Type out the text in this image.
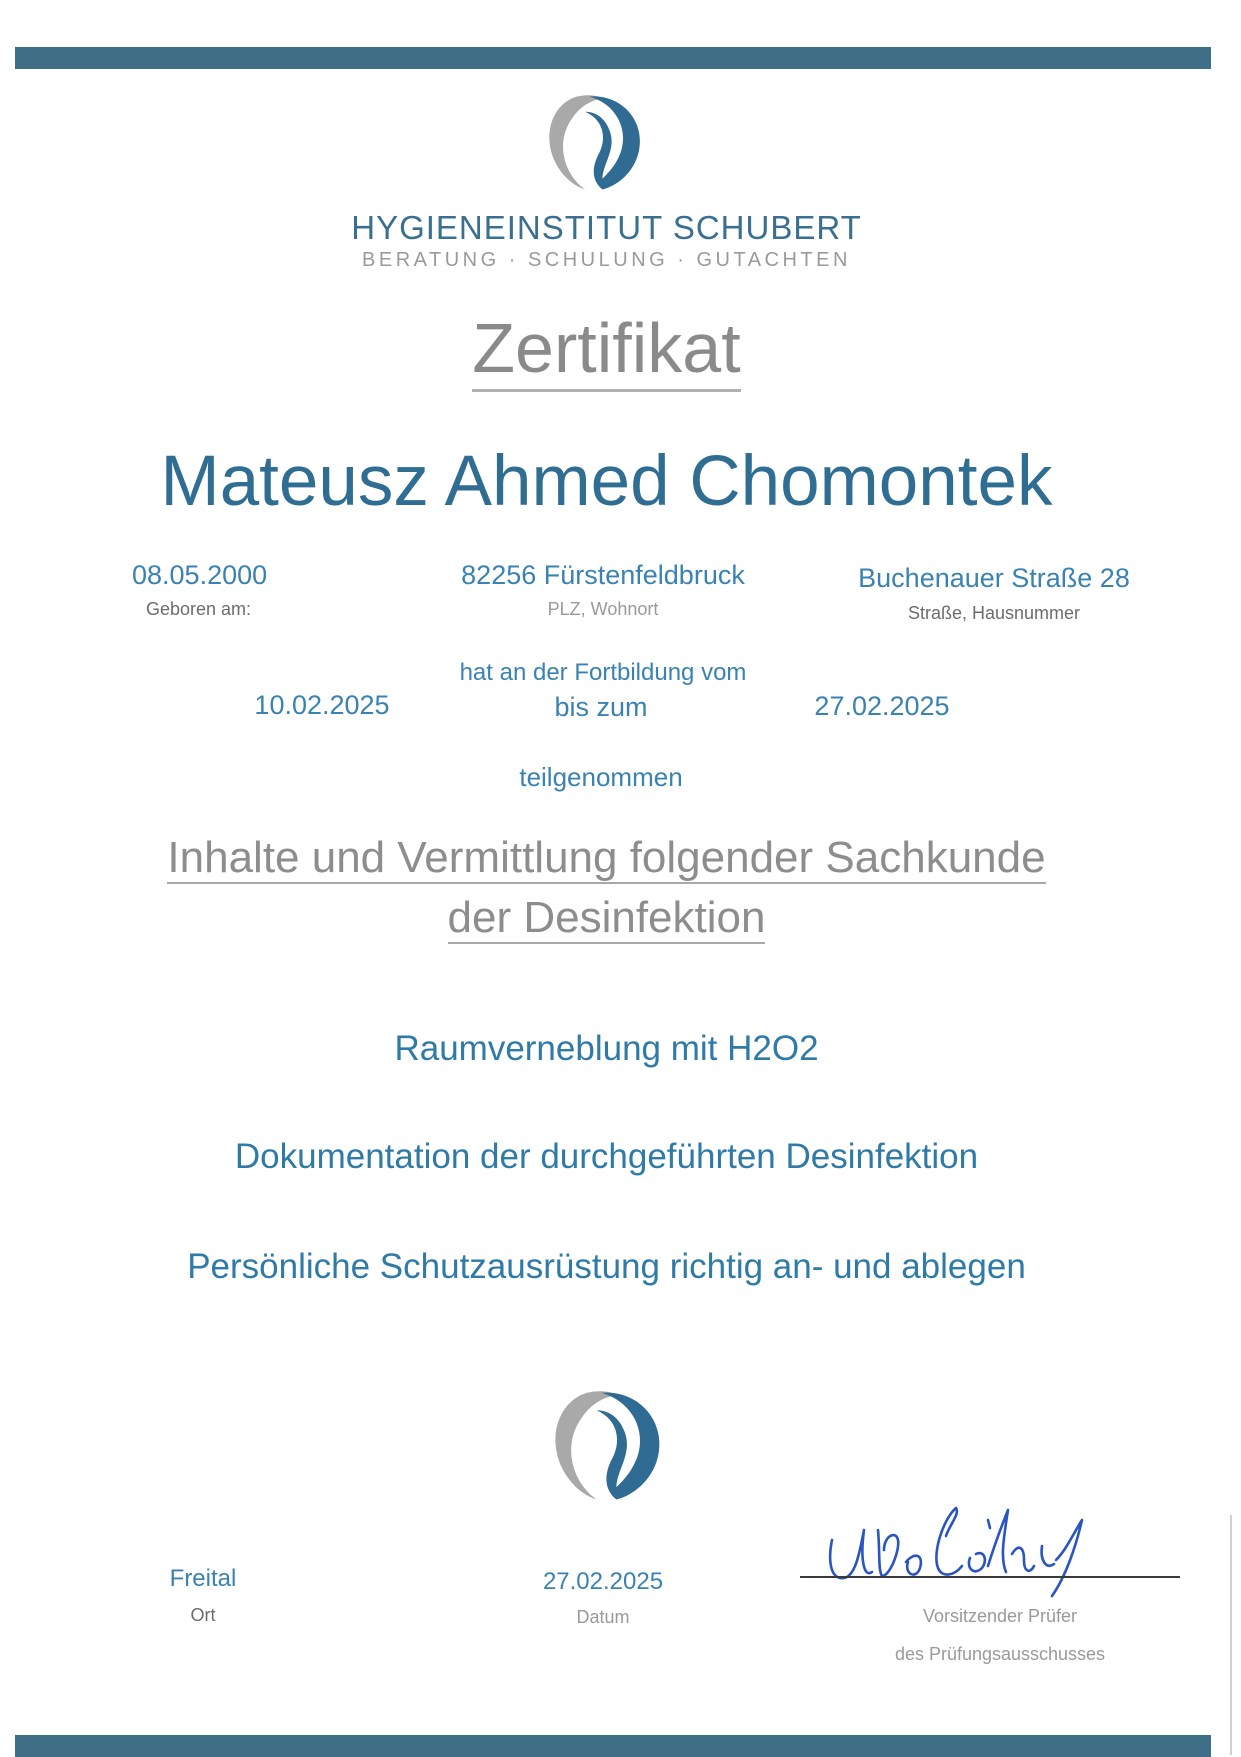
HYGIENEINSTITUT SCHUBERT
BERATUNG · SCHULUNG · GUTACHTEN
Zertifikat
Mateusz Ahmed Chomontek
08.05.2000
Geboren am:
82256 Fürstenfeldbruck
PLZ, Wohnort
Buchenauer Straße 28
Straße, Hausnummer
hat an der Fortbildung vom
10.02.2025	bis zum	27.02.2025
teilgenommen
Inhalte und Vermittlung folgender Sachkunde
der Desinfektion
Raumverneblung mit H2O2
Dokumentation der durchgeführten Desinfektion
Persönliche Schutzausrüstung richtig an- und ablegen
Freital
Ort
27.02.2025
Datum	Vorsitzender Prüfer
des Prüfungsausschusses
